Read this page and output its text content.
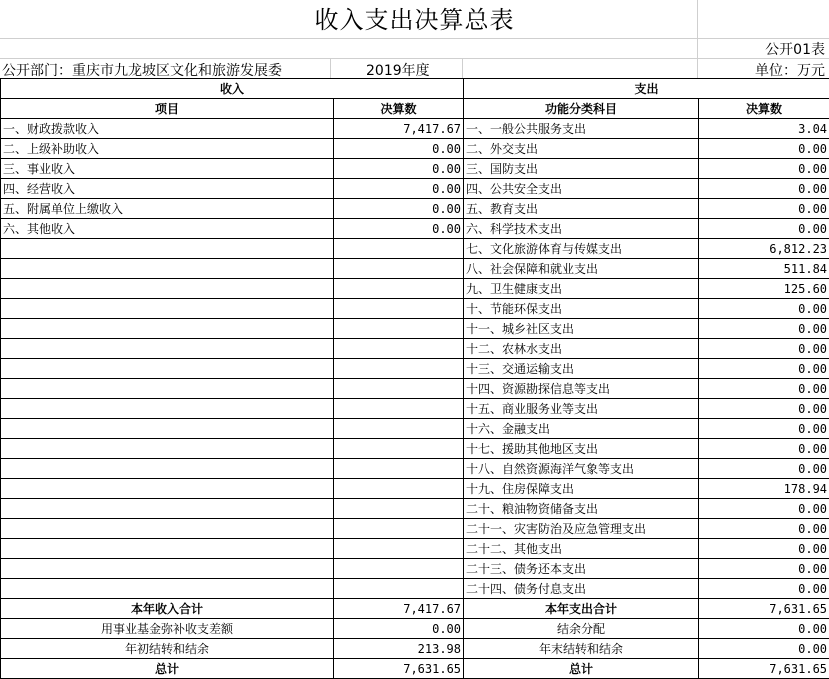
收入支出决算总表
公开01表
公开部门：重庆市九龙坡区文化和旅游发展委	2019年度	单位：万元
收入		支出	
项目	决算数	功能分类科目	决算数
一、财政拨款收入	7,417.67	一、一般公共服务支出	3.04
二、上级补助收入	0.00	二、外交支出	0.00
三、事业收入	0.00	三、国防支出	0.00
四、经营收入	0.00	四、公共安全支出	0.00
五、附属单位上缴收入	0.00	五、教育支出	0.00
六、其他收入	0.00	六、科学技术支出	0.00
		七、文化旅游体育与传媒支出	6,812.23
		八、社会保障和就业支出	511.84
		九、卫生健康支出	125.60
		十、节能环保支出	0.00
		十一、城乡社区支出	0.00
		十二、农林水支出	0.00
		十三、交通运输支出	0.00
		十四、资源勘探信息等支出	0.00
		十五、商业服务业等支出	0.00
		十六、金融支出	0.00
		十七、援助其他地区支出	0.00
		十八、自然资源海洋气象等支出	0.00
		十九、住房保障支出	178.94
		二十、粮油物资储备支出	0.00
		二十一、灾害防治及应急管理支出	0.00
		二十二、其他支出	0.00
		二十三、债务还本支出	0.00
		二十四、债务付息支出	0.00
本年收入合计	7,417.67	本年支出合计	7,631.65
用事业基金弥补收支差额	0.00	结余分配	0.00
年初结转和结余	213.98	年末结转和结余	0.00
总计	7,631.65	总计	7,631.65
